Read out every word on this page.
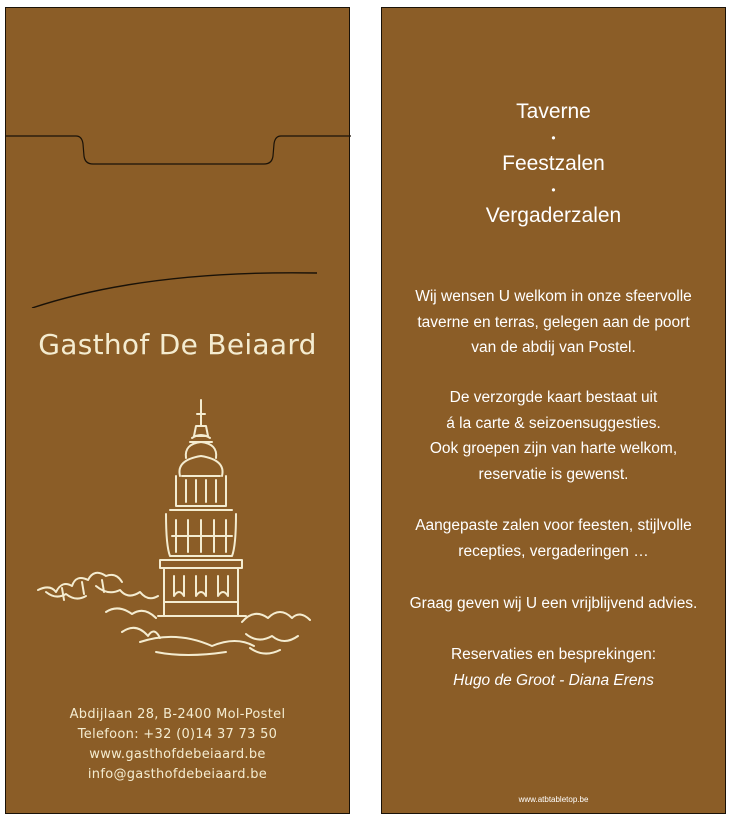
Gasthof De Beiaard
Abdijlaan 28, B-2400 Mol-Postel
Telefoon: +32 (0)14 37 73 50
www.gasthofdebeiaard.be
info@gasthofdebeiaard.be
Taverne
•
Feestzalen
•
Vergaderzalen
Wij wensen U welkom in onze sfeervolle
taverne en terras, gelegen aan de poort
van de abdij van Postel.
De verzorgde kaart bestaat uit
á la carte & seizoensuggesties.
Ook groepen zijn van harte welkom,
reservatie is gewenst.
Aangepaste zalen voor feesten, stijlvolle
recepties, vergaderingen …
Graag geven wij U een vrijblijvend advies.
Reservaties en besprekingen:
Hugo de Groot - Diana Erens
www.atbtabletop.be
